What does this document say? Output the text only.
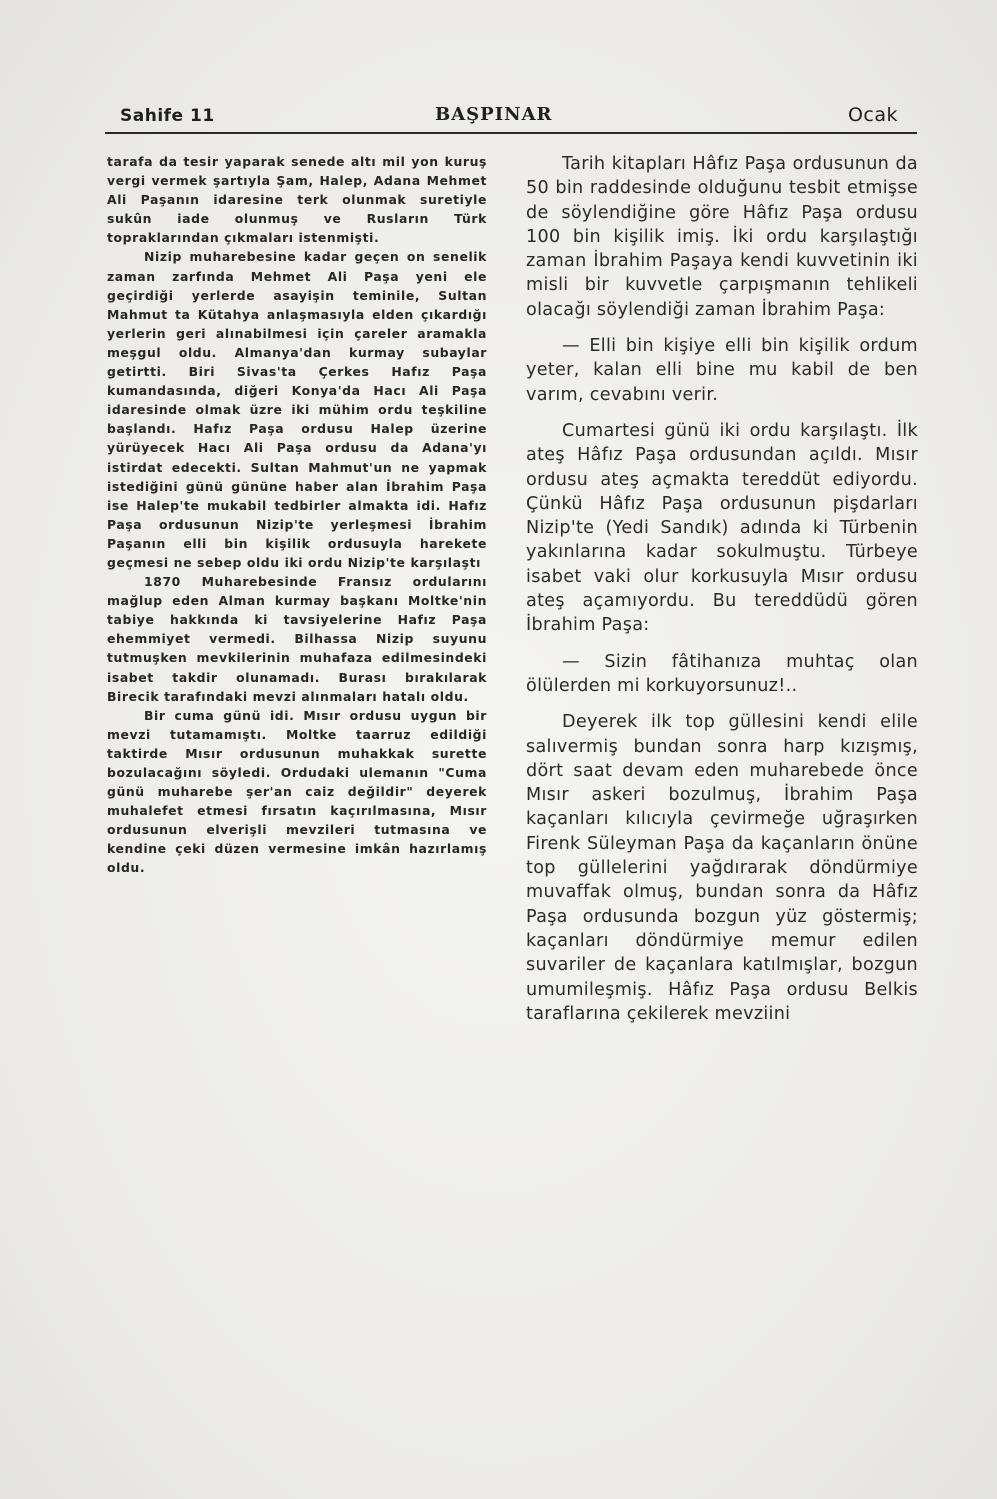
Sahife 11	BAŞPINAR	Ocak

tarafa da tesir yaparak senede altı mil yon kuruş vergi vermek şartıyla Şam, Halep, Adana Mehmet Ali Paşanın idaresine terk olunmak suretiyle sukûn iade olunmuş ve Rusların Türk topraklarından çıkmaları istenmişti.

Nizip muharebesine kadar geçen on senelik zaman zarfında Mehmet Ali Paşa yeni ele geçirdiği yerlerde asayişin teminile, Sultan Mahmut ta Kütahya anlaşmasıyla elden çıkardığı yerlerin geri alınabilmesi için çareler aramakla meşgul oldu. Almanya'dan kurmay subaylar getirtti. Biri Sivas'ta Çerkes Hafız Paşa kumandasında, diğeri Konya'da Hacı Ali Paşa idaresinde olmak üzre iki mühim ordu teşkiline başlandı. Hafız Paşa ordusu Halep üzerine yürüyecek Hacı Ali Paşa ordusu da Adana'yı istirdat edecekti. Sultan Mahmut'un ne yapmak istediğini günü gününe haber alan İbrahim Paşa ise Halep'te mukabil tedbirler almakta idi. Hafız Paşa ordusunun Nizip'te yerleşmesi İbrahim Paşanın elli bin kişilik ordusuyla harekete geçmesi ne sebep oldu iki ordu Nizip'te karşılaştı

1870 Muharebesinde Fransız ordularını mağlup eden Alman kurmay başkanı Moltke'nin tabiye hakkında ki tavsiyelerine Hafız Paşa ehemmiyet vermedi. Bilhassa Nizip suyunu tutmuşken mevkilerinin muhafaza edilmesindeki isabet takdir olunamadı. Burası bırakılarak Birecik tarafındaki mevzi alınmaları hatalı oldu.

Bir cuma günü idi. Mısır ordusu uygun bir mevzi tutamamıştı. Moltke taarruz edildiği taktirde Mısır ordusunun muhakkak surette bozulacağını söyledi. Ordudaki ulemanın "Cuma günü muharebe şer'an caiz değildir" deyerek muhalefet etmesi fırsatın kaçırılmasına, Mısır ordusunun elverişli mevzileri tutmasına ve kendine çeki düzen vermesine imkân hazırlamış oldu.

Tarih kitapları Hâfız Paşa ordusunun da 50 bin raddesinde olduğunu tesbit etmişse de söylendiğine göre Hâfız Paşa ordusu 100 bin kişilik imiş. İki ordu karşılaştığı zaman İbrahim Paşaya kendi kuvvetinin iki misli bir kuvvetle çarpışmanın tehlikeli olacağı söylendiği zaman İbrahim Paşa:

— Elli bin kişiye elli bin kişilik ordum yeter, kalan elli bine mu kabil de ben varım, cevabını verir.

Cumartesi günü iki ordu karşılaştı. İlk ateş Hâfız Paşa ordusundan açıldı. Mısır ordusu ateş açmakta tereddüt ediyordu. Çünkü Hâfız Paşa ordusunun pişdarları Nizip'te (Yedi Sandık) adında ki Türbenin yakınlarına kadar sokulmuştu. Türbeye isabet vaki olur korkusuyla Mısır ordusu ateş açamıyordu. Bu tereddüdü gören İbrahim Paşa:

— Sizin fâtihanıza muhtaç olan ölülerden mi korkuyorsunuz!..

Deyerek ilk top güllesini kendi elile salıvermiş bundan sonra harp kızışmış, dört saat devam eden muharebede önce Mısır askeri bozulmuş, İbrahim Paşa kaçanları kılıcıyla çevirmeğe uğraşırken Firenk Süleyman Paşa da kaçanların önüne top güllelerini yağdırarak döndürmiye muvaffak olmuş, bundan sonra da Hâfız Paşa ordusunda bozgun yüz göstermiş; kaçanları döndürmiye memur edilen suvariler de kaçanlara katılmışlar, bozgun umumileşmiş. Hâfız Paşa ordusu Belkis taraflarına çekilerek mevziini
